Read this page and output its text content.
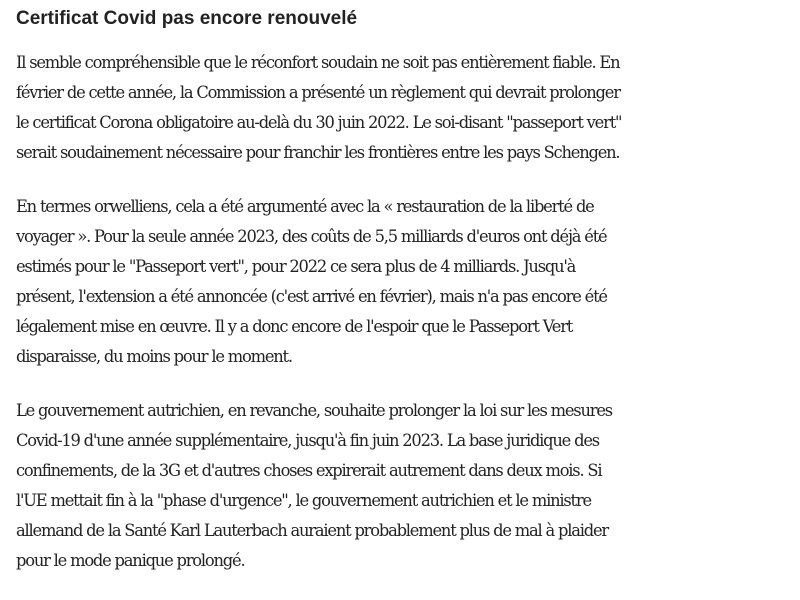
Certificat Covid pas encore renouvelé

Il semble compréhensible que le réconfort soudain ne soit pas entièrement fiable. En
février de cette année, la Commission a présenté un règlement qui devrait prolonger
le certificat Corona obligatoire au-delà du 30 juin 2022. Le soi-disant "passeport vert"
serait soudainement nécessaire pour franchir les frontières entre les pays Schengen.

En termes orwelliens, cela a été argumenté avec la « restauration de la liberté de
voyager ». Pour la seule année 2023, des coûts de 5,5 milliards d'euros ont déjà été
estimés pour le "Passeport vert", pour 2022 ce sera plus de 4 milliards. Jusqu'à
présent, l'extension a été annoncée (c'est arrivé en février), mais n'a pas encore été
légalement mise en œuvre. Il y a donc encore de l'espoir que le Passeport Vert
disparaisse, du moins pour le moment.

Le gouvernement autrichien, en revanche, souhaite prolonger la loi sur les mesures
Covid-19 d'une année supplémentaire, jusqu'à fin juin 2023. La base juridique des
confinements, de la 3G et d'autres choses expirerait autrement dans deux mois. Si
l'UE mettait fin à la "phase d'urgence", le gouvernement autrichien et le ministre
allemand de la Santé Karl Lauterbach auraient probablement plus de mal à plaider
pour le mode panique prolongé.
